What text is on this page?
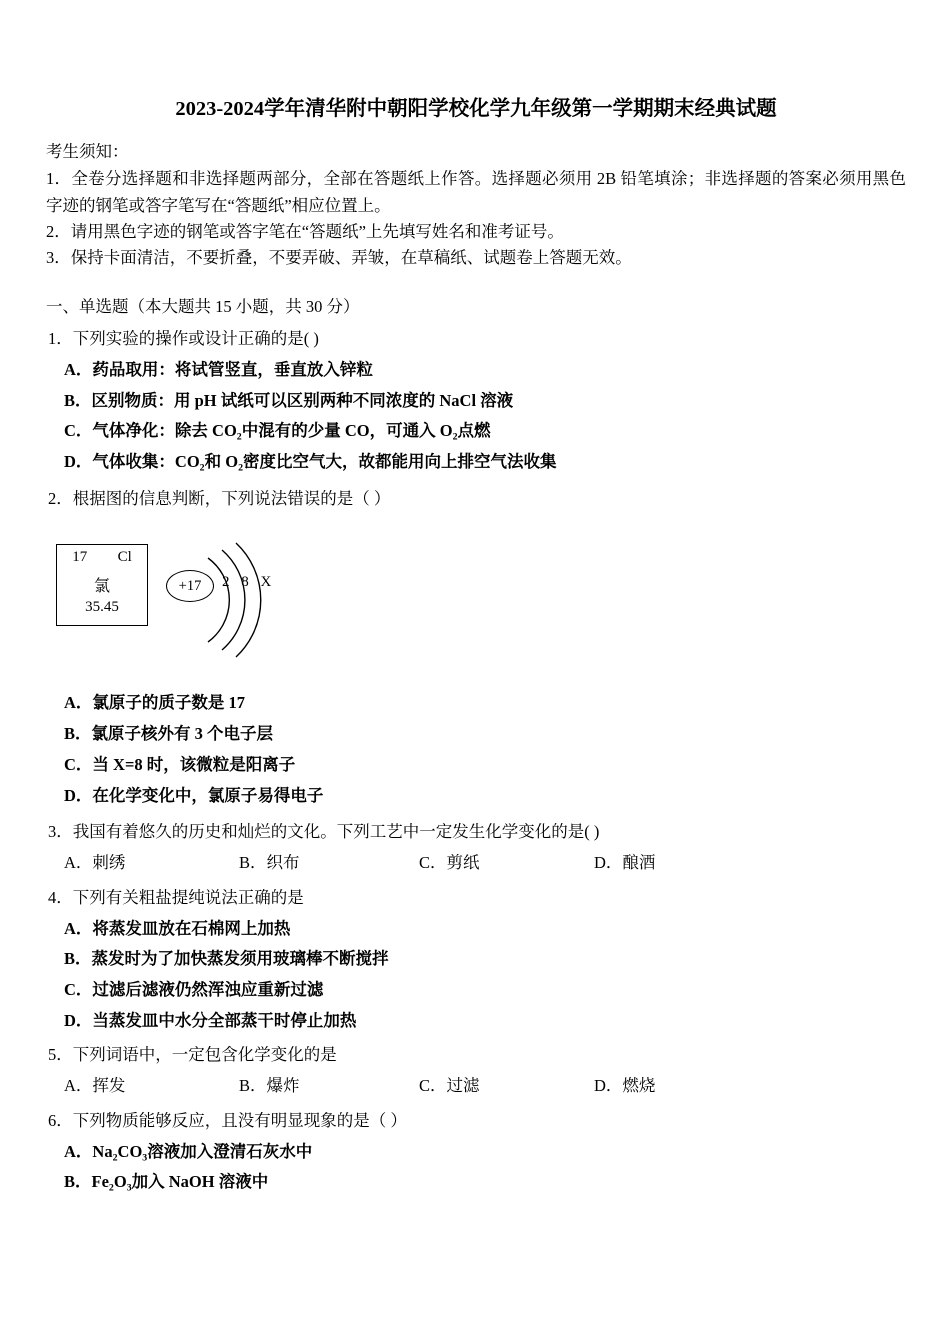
2023-2024学年清华附中朝阳学校化学九年级第一学期期末经典试题
考生须知：
1．全卷分选择题和非选择题两部分，全部在答题纸上作答。选择题必须用 2B 铅笔填涂；非选择题的答案必须用黑色字迹的钢笔或答字笔写在“答题纸”相应位置上。
2．请用黑色字迹的钢笔或答字笔在“答题纸”上先填写姓名和准考证号。
3．保持卡面清洁，不要折叠，不要弄破、弄皱，在草稿纸、试题卷上答题无效。
一、单选题（本大题共 15 小题，共 30 分）
1．下列实验的操作或设计正确的是( )
A．药品取用：将试管竖直，垂直放入锌粒
B．区别物质：用 pH 试纸可以区别两种不同浓度的 NaCl 溶液
C．气体净化：除去 CO₂中混有的少量 CO，可通入 O₂点燃
D．气体收集：CO₂和 O₂密度比空气大，故都能用向上排空气法收集
2．根据图的信息判断，下列说法错误的是（ ）
17 Cl
氯
35.45
+17	2 8 X
A．氯原子的质子数是 17
B．氯原子核外有 3 个电子层
C．当 X=8 时，该微粒是阳离子
D．在化学变化中，氯原子易得电子
3．我国有着悠久的历史和灿烂的文化。下列工艺中一定发生化学变化的是( )
A．刺绣	B．织布	C．剪纸	D．酿酒
4．下列有关粗盐提纯说法正确的是
A．将蒸发皿放在石棉网上加热
B．蒸发时为了加快蒸发须用玻璃棒不断搅拌
C．过滤后滤液仍然浑浊应重新过滤
D．当蒸发皿中水分全部蒸干时停止加热
5．下列词语中，一定包含化学变化的是
A．挥发	B．爆炸	C．过滤	D．燃烧
6．下列物质能够反应，且没有明显现象的是（ ）
A．Na₂CO₃溶液加入澄清石灰水中
B．Fe₂O₃加入 NaOH 溶液中
